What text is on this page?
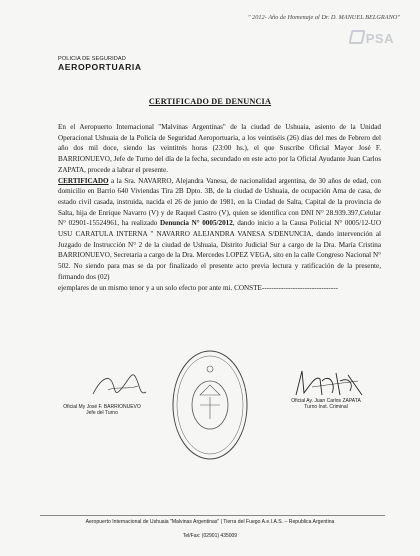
" 2012- Año de Homenaje al Dr. D. MANUEL BELGRANO"
PSA
POLICIA DE SEGURIDAD
AEROPORTUARIA
CERTIFICADO DE DENUNCIA

En el Aeropuerto Internacional "Malvinas Argentinas" de la ciudad de Ushuaia, asiento de la Unidad Operacional Ushuaia de la Policía de Seguridad Aeroportuaria, a los veintiséis (26) días del mes de Febrero del año dos mil doce, siendo las veintitrés horas (23:00 hs.), el que Suscribe Oficial Mayor José F. BARRIONUEVO, Jefe de Turno del día de la fecha, secundado en este acto por la Oficial Ayudante Juan Carlos ZAPATA, procede a labrar el presente.

CERTIFICADO a la Sra. NAVARRO, Alejandra Vanesa, de nacionalidad argentina, de 30 años de edad, con domicilio en Barrio 640 Viviendas Tira 2B Dpto. 3B, de la ciudad de Ushuaia, de ocupación Ama de casa, de estado civil casada, instruida, nacida el 26 de junio de 1981, en la Ciudad de Salta, Capital de la provincia de Salta, hija de Enrique Navarro (V) y de Raquel Castro (V), quien se identifica con DNI N° 28.939.397,Celular N° 02901-15524961, ha realizado Denuncia N° 0005/2012, dando inicio a la Causa Policial N° 0005/12-UO USU CARATULA INTERNA " NAVARRO ALEJANDRA VANESA S/DENUNCIA, dando intervención al Juzgado de Instrucción N° 2 de la ciudad de Ushuaia, Distrito Judicial Sur a cargo de la Dra. María Cristina BARRIONUEVO, Secretaria a cargo de la Dra. Mercedes LOPEZ VEGA, sito en la calle Congreso Nacional N° 502. No siendo para mas se da por finalizado el presente acto previa lectura y ratificación de la presente, firmando dos (02)

ejemplares de un mismo tenor y a un solo efecto por ante mi. CONSTE--------------------------------

Oficial My José F. BARRIONUEVO
Jefe del Turno
Oficial Ay. Juan Carlos ZAPATA
Turno Inst. Criminal
Aeropuerto Internacional de Ushuaia "Malvinas Argentinas" | Tierra del Fuego A.e.I.A.S. – Republica Argentina
Tel/Fax: (02901) 435009
